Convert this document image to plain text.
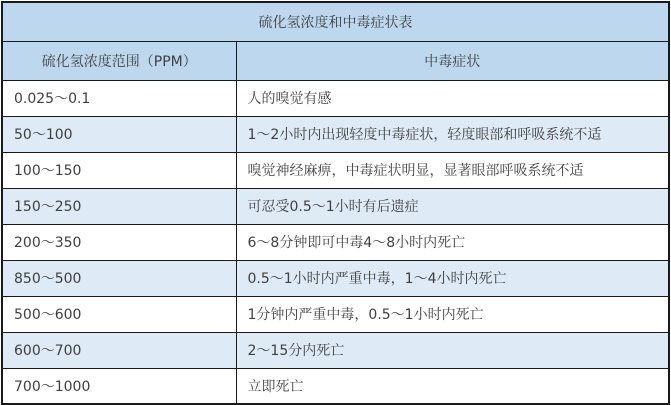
硫化氢浓度和中毒症状表	
硫化氢浓度范围（PPM）	中毒症状
0.025～0.1	人的嗅觉有感
50～100	1～2小时内出现轻度中毒症状，轻度眼部和呼吸系统不适
100～150	嗅觉神经麻痹，中毒症状明显，显著眼部呼吸系统不适
150～250	可忍受0.5～1小时有后遗症
200～350	6～8分钟即可中毒4～8小时内死亡
850～500	0.5～1小时内严重中毒，1～4小时内死亡
500～600	1分钟内严重中毒，0.5～1小时内死亡
600～700	2～15分内死亡
700～1000	立即死亡
